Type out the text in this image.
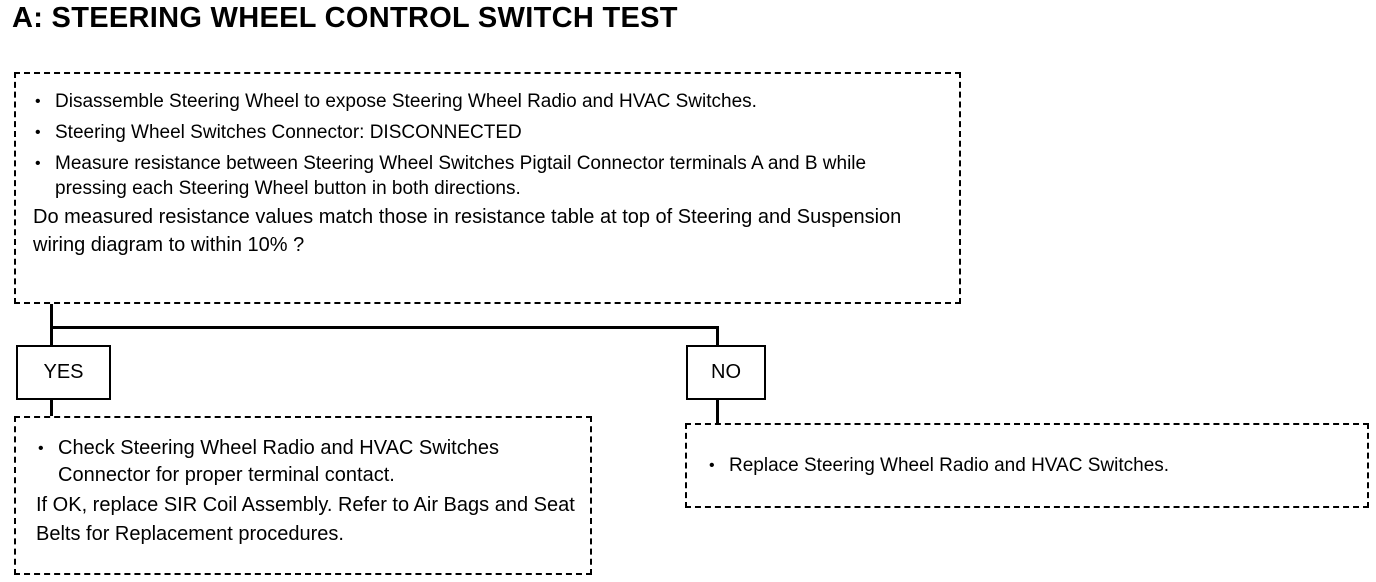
A: STEERING WHEEL CONTROL SWITCH TEST
• Disassemble Steering Wheel to expose Steering Wheel Radio and HVAC Switches.
• Steering Wheel Switches Connector: DISCONNECTED
• Measure resistance between Steering Wheel Switches Pigtail Connector terminals A and B while pressing each Steering Wheel button in both directions.
Do measured resistance values match those in resistance table at top of Steering and Suspension wiring diagram to within 10% ?
YES	NO
• Check Steering Wheel Radio and HVAC Switches Connector for proper terminal contact.
If OK, replace SIR Coil Assembly. Refer to Air Bags and Seat Belts for Replacement procedures.
• Replace Steering Wheel Radio and HVAC Switches.
